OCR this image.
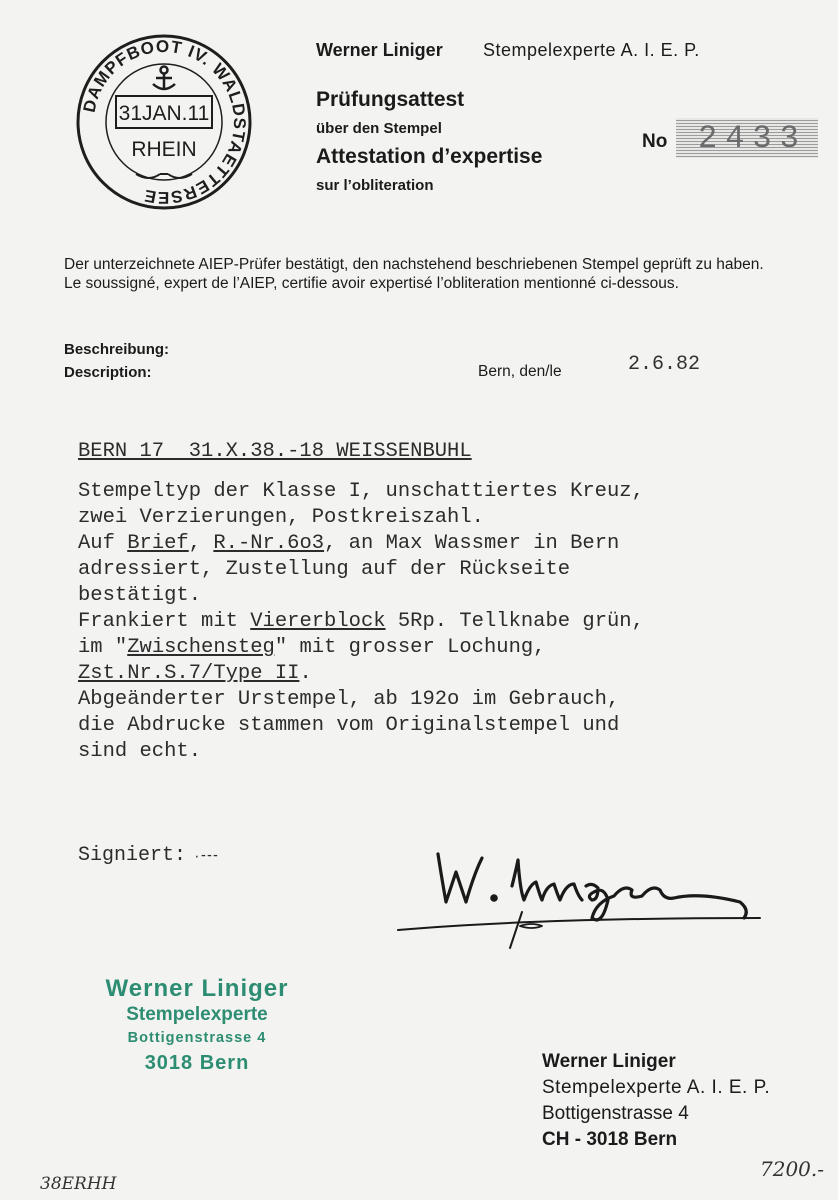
DAMPFBOOT IV. WALDSTAETTERSEE
31JAN.11
RHEIN
Werner Liniger Stempelexperte A. I. E. P.
Prüfungsattest
über den Stempel
Attestation d’expertise
sur l’obliteration
No 2433
Der unterzeichnete AIEP-Prüfer bestätigt, den nachstehend beschriebenen Stempel geprüft zu haben.
Le soussigné, expert de l’AIEP, certifie avoir expertisé l’obliteration mentionné ci-dessous.
Beschreibung:
Description:	Bern, den/le	2.6.82
BERN 17  31.X.38.-18 WEISSENBUHL
Stempeltyp der Klasse I, unschattiertes Kreuz,
zwei Verzierungen, Postkreiszahl.
Auf Brief, R.-Nr.6o3, an Max Wassmer in Bern
adressiert, Zustellung auf der Rückseite
bestätigt.
Frankiert mit Viererblock 5Rp. Tellknabe grün,
im "Zwischensteg" mit grosser Lochung,
Zst.Nr.S.7/Type II.
Abgeänderter Urstempel, ab 192o im Gebrauch,
die Abdrucke stammen vom Originalstempel und
sind echt.
Signiert: ·⁃⁃⁃
Werner Liniger
Stempelexperte
Bottigenstrasse 4
3018 Bern	Werner Liniger
Stempelexperte A. I. E. P.
Bottigenstrasse 4
CH - 3018 Bern
38ERHH
7200.-
